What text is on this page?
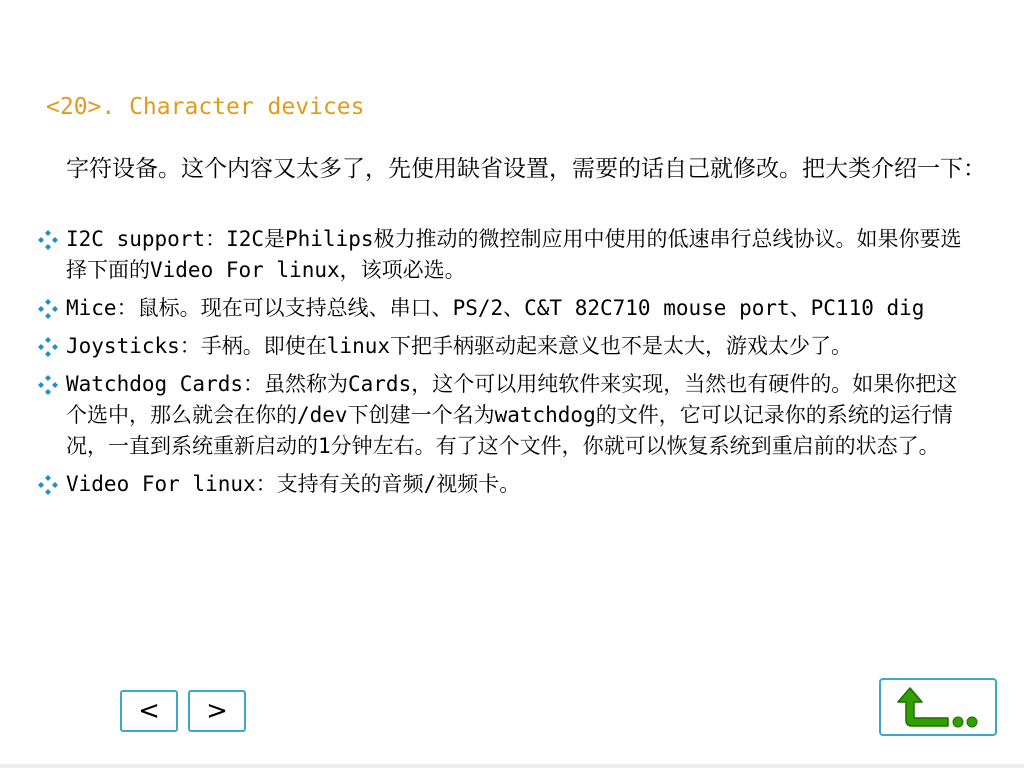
<20>. Character devices
字符设备。这个内容又太多了，先使用缺省设置，需要的话自己就修改。把大类介绍一下：
I2C support：I2C是Philips极力推动的微控制应用中使用的低速串行总线协议。如果你要选择下面的Video For linux，该项必选。
Mice：鼠标。现在可以支持总线、串口、PS/2、C&T 82C710 mouse port、PC110 dig
Joysticks：手柄。即使在linux下把手柄驱动起来意义也不是太大，游戏太少了。
Watchdog Cards：虽然称为Cards，这个可以用纯软件来实现，当然也有硬件的。如果你把这个选中，那么就会在你的/dev下创建一个名为watchdog的文件，它可以记录你的系统的运行情况，一直到系统重新启动的1分钟左右。有了这个文件，你就可以恢复系统到重启前的状态了。
Video For linux：支持有关的音频/视频卡。
<	>
